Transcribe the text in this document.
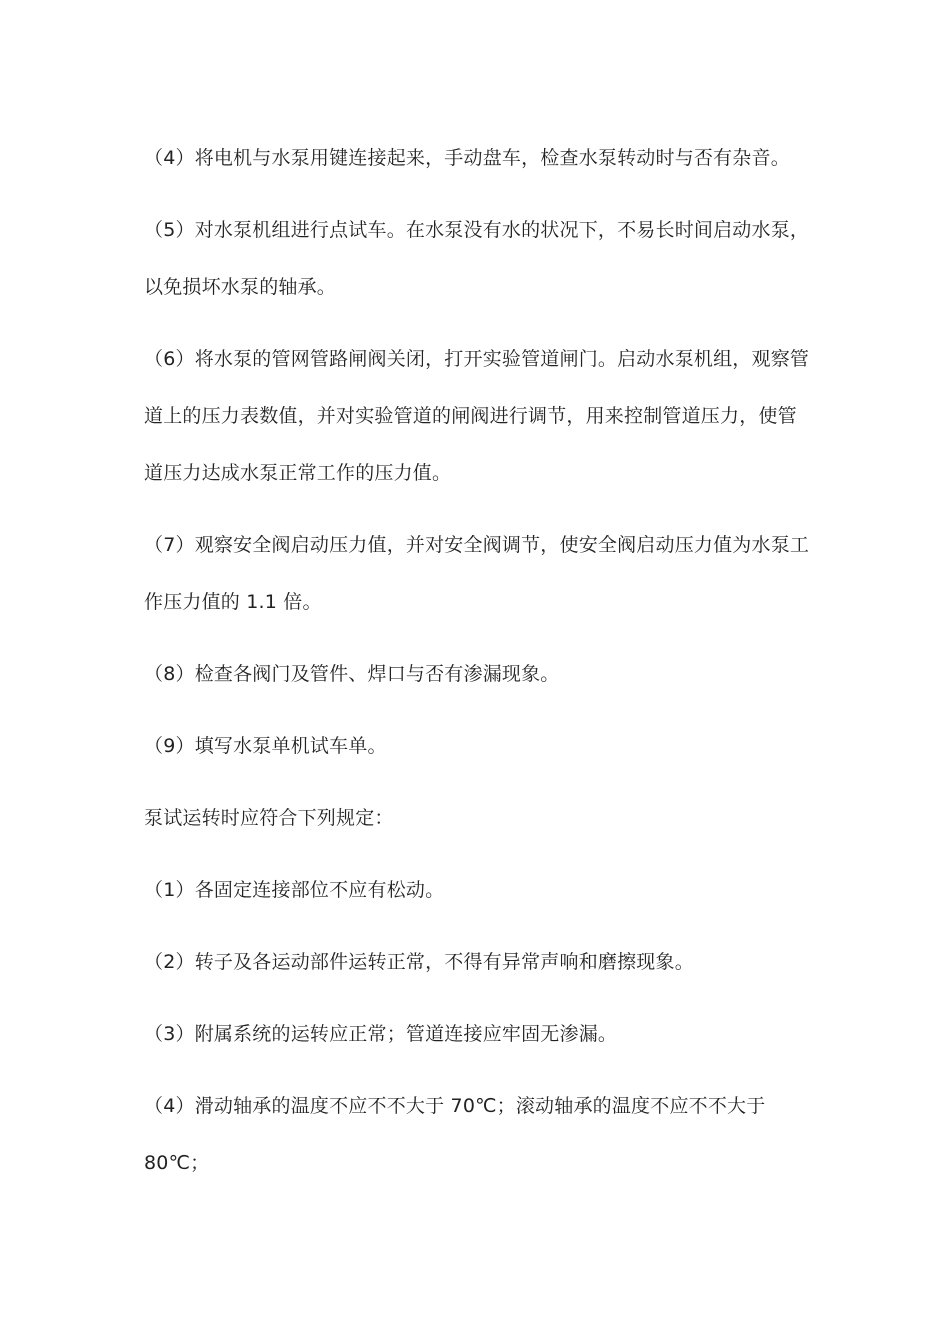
（4）将电机与水泵用键连接起来，手动盘车，检查水泵转动时与否有杂音。

（5）对水泵机组进行点试车。在水泵没有水的状况下，不易长时间启动水泵，
以免损坏水泵的轴承。

（6）将水泵的管网管路闸阀关闭，打开实验管道闸门。启动水泵机组，观察管
道上的压力表数值，并对实验管道的闸阀进行调节，用来控制管道压力，使管
道压力达成水泵正常工作的压力值。

（7）观察安全阀启动压力值，并对安全阀调节，使安全阀启动压力值为水泵工
作压力值的 1.1 倍。

（8）检查各阀门及管件、焊口与否有渗漏现象。

（9）填写水泵单机试车单。

泵试运转时应符合下列规定：

（1）各固定连接部位不应有松动。

（2）转子及各运动部件运转正常，不得有异常声响和磨擦现象。

（3）附属系统的运转应正常；管道连接应牢固无渗漏。

（4）滑动轴承的温度不应不不大于 70℃；滚动轴承的温度不应不不大于
80℃；
